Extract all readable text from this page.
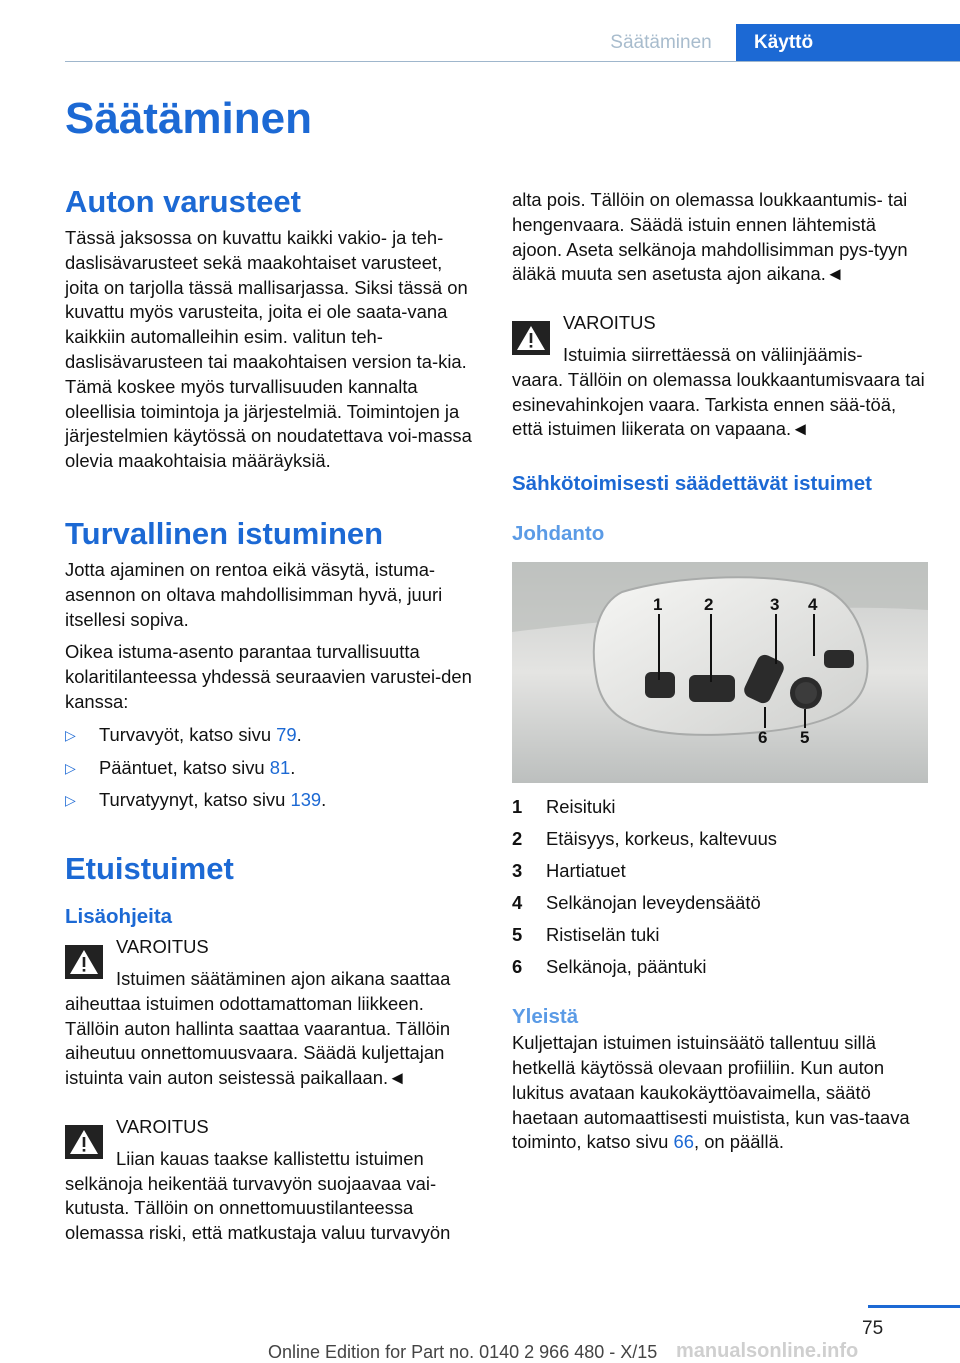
Säätäminen	Käyttö
Säätäminen
Auton varusteet

Tässä jaksossa on kuvattu kaikki vakio- ja teh-daslisävarusteet sekä maakohtaiset varusteet, joita on tarjolla tässä mallisarjassa. Siksi tässä on kuvattu myös varusteita, joita ei ole saata-vana kaikkiin automalleihin esim. valitun teh-daslisävarusteen tai maakohtaisen version ta-kia. Tämä koskee myös turvallisuuden kannalta oleellisia toimintoja ja järjestelmiä. Toimintojen ja järjestelmien käytössä on noudatettava voi-massa olevia maakohtaisia määräyksiä.

Turvallinen istuminen

Jotta ajaminen on rentoa eikä väsytä, istuma-asennon on oltava mahdollisimman hyvä, juuri itsellesi sopiva.

Oikea istuma-asento parantaa turvallisuutta kolaritilanteessa yhdessä seuraavien varustei-den kanssa:

▷ Turvavyöt, katso sivu 79.
▷ Pääntuet, katso sivu 81.
▷ Turvatyynyt, katso sivu 139.
Etuistuimet
Lisäohjeita

VAROITUS

Istuimen säätäminen ajon aikana saattaa

aiheuttaa istuimen odottamattoman liikkeen. Tällöin auton hallinta saattaa vaarantua. Tällöin aiheutuu onnettomuusvaara. Säädä kuljettajan istuinta vain auton seistessä paikallaan.◄

VAROITUS

Liian kauas taakse kallistettu istuimen

selkänoja heikentää turvavyön suojaavaa vai-kutusta. Tällöin on onnettomuustilanteessa olemassa riski, että matkustaja valuu turvavyön

alta pois. Tällöin on olemassa loukkaantumis- tai hengenvaara. Säädä istuin ennen lähtemistä ajoon. Aseta selkänoja mahdollisimman pys-tyyn äläkä muuta sen asetusta ajon aikana.◄

VAROITUS

Istuimia siirrettäessä on väliinjäämis-

vaara. Tällöin on olemassa loukkaantumisvaara tai esinevahinkojen vaara. Tarkista ennen sää-töä, että istuimen liikerata on vapaana.◄

Sähkötoimisesti säädettävät istuimet
Johdanto
1 2	3 4
5
6
1	Reisituki
2	Etäisyys, korkeus, kaltevuus
3	Hartiatuet
4	Selkänojan leveydensäätö
5	Ristiselän tuki
6	Selkänoja, pääntuki
Yleistä

Kuljettajan istuimen istuinsäätö tallentuu sillä hetkellä käytössä olevaan profiiliin. Kun auton lukitus avataan kaukokäyttöavaimella, säätö haetaan automaattisesti muistista, kun vas-taava toiminto, katso sivu 66, on päällä.

75
Online Edition for Part no. 0140 2 966 480 - X/15 manualsonline.info
